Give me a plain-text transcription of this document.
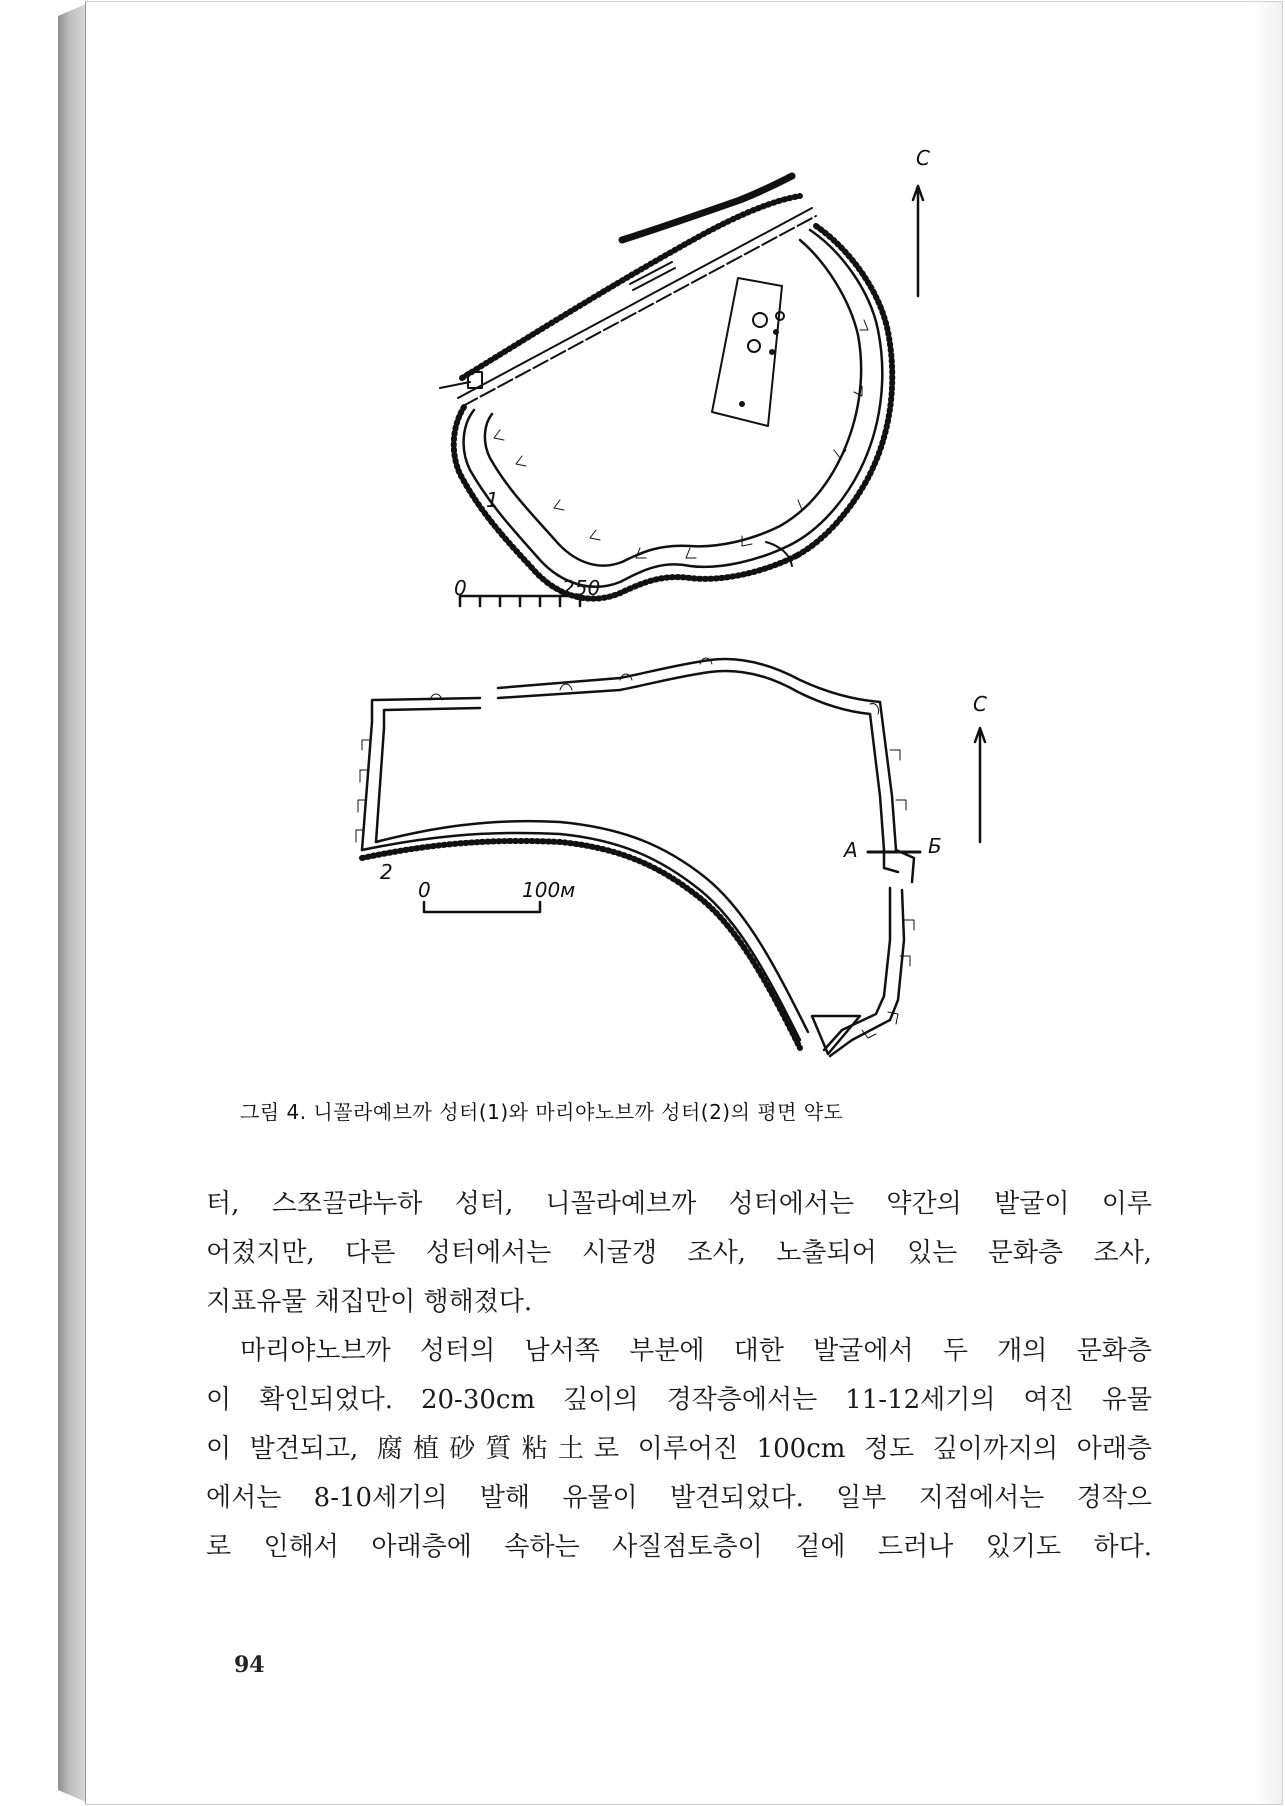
С
1
0	250
С
2
0	100м
А	Б
그림 4. 니꼴라예브까 성터(1)와 마리야노브까 성터(2)의 평면 약도

터, 스쪼끌랴누하 성터, 니꼴라예브까 성터에서는 약간의 발굴이 이루

어졌지만, 다른 성터에서는 시굴갱 조사, 노출되어 있는 문화층 조사,

지표유물 채집만이 행해졌다.

마리야노브까 성터의 남서쪽 부분에 대한 발굴에서 두 개의 문화층

이 확인되었다. 20-30cm 깊이의 경작층에서는 11-12세기의 여진 유물

이 발견되고, 腐植砂質粘土로 이루어진 100cm 정도 깊이까지의 아래층

에서는 8-10세기의 발해 유물이 발견되었다. 일부 지점에서는 경작으

로 인해서 아래층에 속하는 사질점토층이 겉에 드러나 있기도 하다.

94
